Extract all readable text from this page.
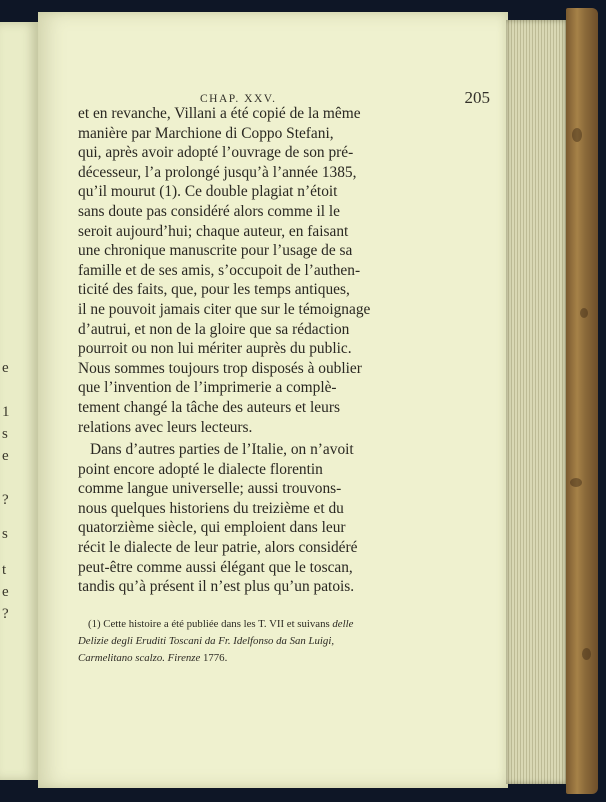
e
1
s
e
?
s
t
e
?
CHAP. XXV.	205
et en revanche, Villani a été copié de la même
manière par Marchione di Coppo Stefani,
qui, après avoir adopté l’ouvrage de son pré-
décesseur, l’a prolongé jusqu’à l’année 1385,
qu’il mourut (1). Ce double plagiat n’étoit
sans doute pas considéré alors comme il le
seroit aujourd’hui; chaque auteur, en faisant
une chronique manuscrite pour l’usage de sa
famille et de ses amis, s’occupoit de l’authen-
ticité des faits, que, pour les temps antiques,
il ne pouvoit jamais citer que sur le témoignage
d’autrui, et non de la gloire que sa rédaction
pourroit ou non lui mériter auprès du public.
Nous sommes toujours trop disposés à oublier
que l’invention de l’imprimerie a complè-
tement changé la tâche des auteurs et leurs
relations avec leurs lecteurs.
Dans d’autres parties de l’Italie, on n’avoit
point encore adopté le dialecte florentin
comme langue universelle; aussi trouvons-
nous quelques historiens du treizième et du
quatorzième siècle, qui emploient dans leur
récit le dialecte de leur patrie, alors considéré
peut-être comme aussi élégant que le toscan,
tandis qu’à présent il n’est plus qu’un patois.
(1) Cette histoire a été publiée dans les T. VII et suivans delle
Delizie degli Eruditi Toscani da Fr. Idelfonso da San Luigi,
Carmelitano scalzo. Firenze 1776.
